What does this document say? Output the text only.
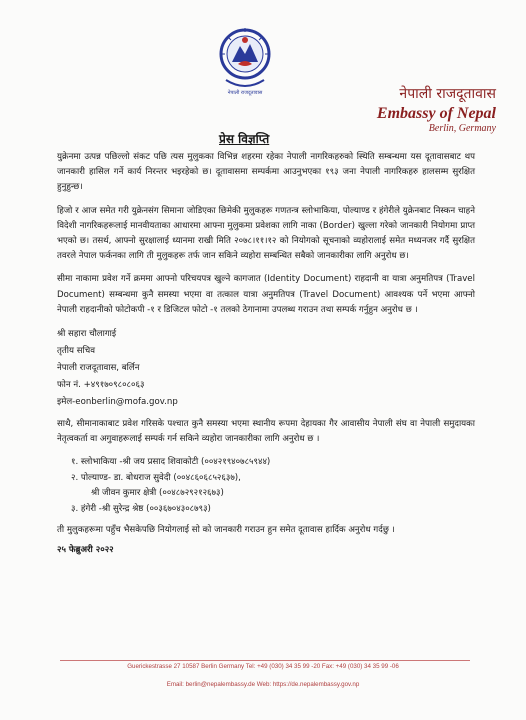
नेपाली राजदूतावास	नेपाली राजदूतावास
Embassy of Nepal
Berlin, Germany
प्रेस विज्ञप्ति

युक्रेनमा उत्पन्न पछिल्लो संकट पछि त्यस मुलुकका विभिन्न शहरमा रहेका नेपाली नागरिकहरुको स्थिति सम्बन्धमा यस दूतावासबाट थप जानकारी हासिल गर्ने कार्य निरन्तर भइरहेको छ। दूतावासमा सम्पर्कमा आउनुभएका १९३ जना नेपाली नागरिकहरु हालसम्म सुरक्षित हुनुहुन्छ।

हिजो र आज समेत गरी युक्रेनसंग सिमाना जोडिएका छिमेकी मुलुकहरू गणतन्त्र स्लोभाकिया, पोल्याण्ड र हंगेरीले युक्रेनबाट निस्कन चाहने विदेशी नागरिकहरूलाई मानवीयताका आधारमा आफ्ना मुलुकमा प्रवेशका लागि नाका (Border) खुल्ला गरेको जानकारी नियोगमा प्राप्त भएको छ। तसर्थ, आफ्नो सुरक्षालाई ध्यानमा राखी मिति २०७८।११।१२ को नियोगको सूचनाको व्यहोरालाई समेत मध्यनजर गर्दै सुरक्षित तवरले नेपाल फर्कनका लागि ती मुलुकहरू तर्फ जान सकिने व्यहोरा सम्बन्धित सबैको जानकारीका लागि अनुरोध छ।

सीमा नाकामा प्रवेश गर्ने क्रममा आफ्नो परिचयपत्र खुल्ने कागजात (Identity Document) राहदानी वा यात्रा अनुमतिपत्र (Travel Document) सम्बन्धमा कुनै समस्या भएमा वा तत्काल यात्रा अनुमतिपत्र (Travel Document) आवश्यक पर्ने भएमा आफ्नो नेपाली राहदानीको फोटोकपी -१ र डिजिटल फोटो -१ तलको ठेगानामा उपलब्ध गराउन तथा सम्पर्क गर्नुहुन अनुरोध छ ।

श्री सहारा चौलागाई
तृतीय सचिव
नेपाली राजदूतावास, बर्लिन
फोन नं. +४९१७०९८०८०६३
इमेल-eonberlin@mofa.gov.np

साथै, सीमानाकाबाट प्रवेश गरिसके पश्चात कुनै समस्या भएमा स्थानीय रूपमा देहायका गैर आवासीय नेपाली संघ वा नेपाली समुदायका नेतृत्वकर्ता वा अगुवाहरूलाई सम्पर्क गर्न सकिने व्यहोरा जानकारीका लागि अनुरोध छ ।

१. स्लोभाकिया -श्री जय प्रसाद शिवाकोटी (००४२१९४०७८५९४४)
२. पोल्याण्ड- डा. बोधराज सुवेदी (००४८६०६८५२६३७),
श्री जीवन कुमार क्षेत्री (००४८७२९२१२६७३)
३. हंगेरी -श्री सुरेन्द्र श्रेष्ठ (००३६७०४३०८७९३)

ती मुलुकहरूमा पहुँच भैसकेपछि नियोगलाई सो को जानकारी गराउन हुन समेत दूतावास हार्दिक अनुरोध गर्दछु ।

२५ फेब्रुअरी २०२२
Guerickestrasse 27 10587 Berlin Germany Tel: +49 (030) 34 35 99 -20 Fax: +49 (030) 34 35 99 -06
Email: berlin@nepalembassy.de Web: https://de.nepalembassy.gov.np
